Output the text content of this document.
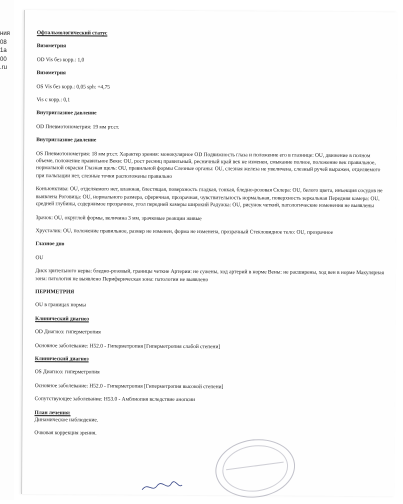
ния
08
1а
00
.ru

Офтальмологический статус

Визометрия

OD Vis без корр.: 1,0

Визометрия

OS Vis без корр.: 0,05 sph: +4,75

Vis с корр.: 0,1

Внутриглазное давление

OD Пневмотонометрия: 19 мм рт.ст.

Внутриглазное давление

OS Пневмотонометрия: 18 мм рт.ст. Характер зрения: монокулярное OD Подвижность глаза и положение его в глазнице: OU, движение в полном объеме, положение правильное Веки: OU, рост ресниц правильный, ресничный край век не изменен, смыкание полное, положение век правильное, нормальной окраски Глазная щель: OU, правильной формы Слезные органы: OU, слезная железа не увеличена, слезный ручей выражен, отделяемого при пальпации нет, слезные точки расположены правильно

Конъюнктива: OU, отделяемого нет, влажная, блестящая, поверхность гладкая, тонкая, бледно-розовая Склера: OU, белого цвета, инъекция сосудов не выявлена Роговица: OU, нормального размера, сферичная, прозрачная, чувствительность нормальная, поверхность зеркальная Передняя камера: OU, средней глубины, содержимое прозрачное, угол передней камеры широкий Радужка: OU, рисунок четкий, патологические изменения не выявлены

Зрачок: OU, округлой формы, величина 3 мм, зрачковые реакции живые

Хрусталик: OU, положение правильное, размер не изменен, форма не изменена, прозрачный Стекловидное тело: OU, прозрачное

Глазное дно

OU

Диск зрительного нерва: бледно-розовый, границы четкие Артерии: не сужены, ход артерий в норме Вены: не расширены, ход вен в норме Макулярная зона: патология не выявлено Периферическая зона: патологии не выявлено

ПЕРИМЕТРИЯ

OU в границах нормы

Клинический диагноз

OD Диагноз: гиперметропия

Основное заболевание: H52.0 - Гиперметропия [Гиперметропия слабой степени]

Клинический диагноз

OS Диагноз: гиперметропия

Основное заболевание: H52.0 - Гиперметропия [Гиперметропия высокой степени]

Сопутствующее заболевание: H53.0 - Амблиопия вследствие анопсии

План лечения:

Динамическое наблюдение.

Очковая коррекция зрения.
